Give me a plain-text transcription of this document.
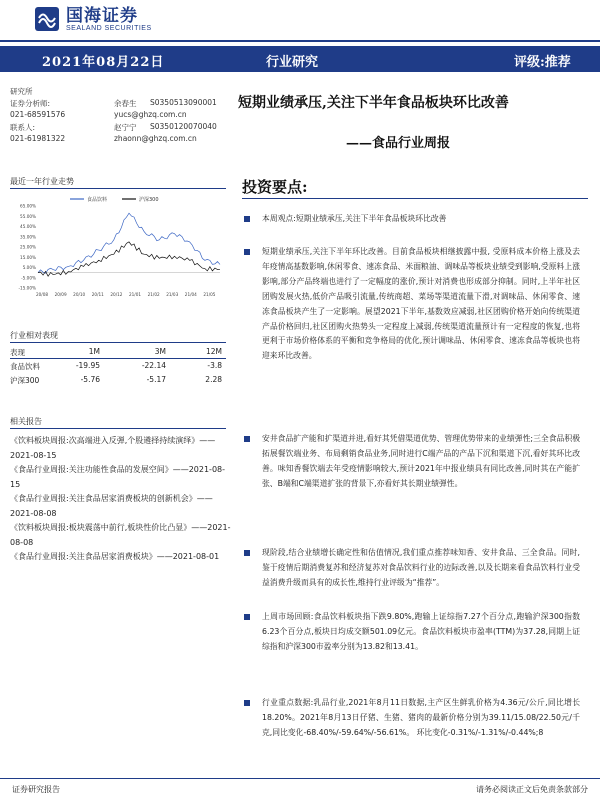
国海证券
SEALAND SECURITIES
2021年08月22日	行业研究	评级:推荐
研究所
证券分析师:	余春生 S0350513090001
021-68591576	yucs@ghzq.com.cn
联系人:	赵宁宁 S0350120070040
021-61981322	zhaonn@ghzq.com.cn
短期业绩承压,关注下半年食品板块环比改善
——食品行业周报
最近一年行业走势
食品饮料	沪深300
65.00%
55.00%
45.00%
35.00%
25.00%
15.00%
5.00%
-5.00%
-15.00%
20/08 20/09 20/10 20/11 20/12 21/01 21/02 21/03 21/04 21/05
行业相对表现
表现	1M	3M	12M
食品饮料	-19.95	-22.14	-3.8
沪深300	-5.76	-5.17	2.28
相关报告
《饮料板块周报:次高端进入反弹,个股遴择持续演绎》——2021-08-15
《食品行业周报:关注功能性食品的发展空间》——2021-08-15
《食品行业周报:关注食品居家消费板块的创新机会》——2021-08-08
《饮料板块周报:板块震荡中前行,板块性价比凸显》——2021-08-08
《食品行业周报:关注食品居家消费板块》——2021-08-01
投资要点:
本周观点:短期业绩承压,关注下半年食品板块环比改善
短期业绩承压,关注下半年环比改善。目前食品板块相继披露中报, 受原料成本价格上涨及去年疫情高基数影响,休闲零食、速冻食品、米面粮油、调味品等板块业绩受到影响,受原料上涨影响,部分产品终端也进行了一定幅度的涨价,预计对消费也形成部分抑制。同时,上半年社区团购发展火热,低价产品吸引流量,传统商超、菜场等渠道流量下滑,对调味品、休闲零食、速冻食品板块产生了一定影响。展望2021下半年,基数效应减弱,社区团购价格开始向传统渠道产品价格回归,社区团购火热势头一定程度上减弱,传统渠道流量预计有一定程度的恢复,也将更利于市场价格体系的平衡和竞争格局的优化,预计调味品、休闲零食、速冻食品等板块也将迎来环比改善。
安井食品扩产能和扩渠道并进,看好其凭借渠道优势、管理优势带来的业绩弹性;三全食品积极拓展餐饮端业务、布局剩销食品业务,同时进行C端产品的产品下沉和渠道下沉,看好其环比改善。味知香餐饮端去年受疫情影响较大,预计2021年中报业绩具有同比改善,同时其在产能扩张、B端和C端渠道扩张的背景下,亦看好其长期业绩弹性。
现阶段,结合业绩增长确定性和估值情况,我们重点推荐味知香、安井食品、三全食品。同时,鉴于疫情后期消费复苏和经济复苏对食品饮料行业的边际改善,以及长期来看食品饮料行业受益消费升级而具有的成长性,维持行业评级为“推荐”。
上周市场回顾:食品饮料板块指下跌9.80%,跑输上证综指7.27个百分点,跑输沪深300指数6.23个百分点,板块日均成交额501.09亿元。食品饮料板块市盈率(TTM)为37.28,同期上证综指和沪深300市盈率分别为13.82和13.41。
行业重点数据:乳品行业,2021年8月11日数据,主产区生鲜乳价格为4.36元/公斤,同比增长18.20%。2021年8月13日仔猪、生猪、猪肉的最新价格分别为39.11/15.08/22.50元/千克,同比变化-68.40%/-59.64%/-56.61%。 环比变化-0.31%/-1.31%/-0.44%;8
证券研究报告	请务必阅读正文后免责条款部分
